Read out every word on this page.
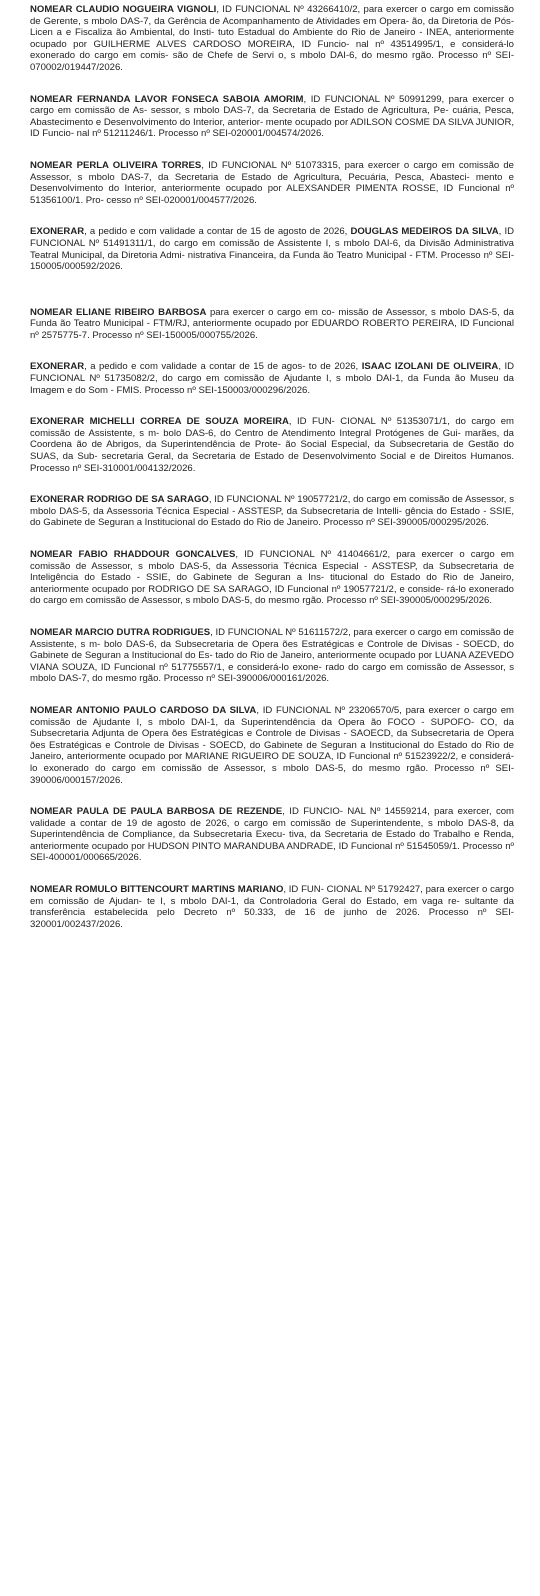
NOMEAR CLAUDIO NOGUEIRA VIGNOLI, ID FUNCIONAL Nº 43266410/2, para exercer o cargo em comissão de Gerente, s mbolo DAS-7, da Gerência de Acompanhamento de Atividades em Opera- ão, da Diretoria de Pós-Licen a e Fiscaliza ão Ambiental, do Insti- tuto Estadual do Ambiente do Rio de Janeiro - INEA, anteriormente ocupado por GUILHERME ALVES CARDOSO MOREIRA, ID Funcio- nal nº 43514995/1, e considerá-lo exonerado do cargo em comis- são de Chefe de Servi o, s mbolo DAI-6, do mesmo rgão. Processo nº SEI-070002/019447/2026.

NOMEAR FERNANDA LAVOR FONSECA SABOIA AMORIM, ID FUNCIONAL Nº 50991299, para exercer o cargo em comissão de As- sessor, s mbolo DAS-7, da Secretaria de Estado de Agricultura, Pe- cuária, Pesca, Abastecimento e Desenvolvimento do Interior, anterior- mente ocupado por ADILSON COSME DA SILVA JUNIOR, ID Funcio- nal nº 51211246/1. Processo nº SEI-020001/004574/2026.

NOMEAR PERLA OLIVEIRA TORRES, ID FUNCIONAL Nº 51073315, para exercer o cargo em comissão de Assessor, s mbolo DAS-7, da Secretaria de Estado de Agricultura, Pecuária, Pesca, Abasteci- mento e Desenvolvimento do Interior, anteriormente ocupado por ALEXSANDER PIMENTA ROSSE, ID Funcional nº 51356100/1. Pro- cesso nº SEI-020001/004577/2026.

EXONERAR, a pedido e com validade a contar de 15 de agosto de 2026, DOUGLAS MEDEIROS DA SILVA, ID FUNCIONAL Nº 51491311/1, do cargo em comissão de Assistente I, s mbolo DAI-6, da Divisão Administrativa Teatral Municipal, da Diretoria Admi- nistrativa Financeira, da Funda ão Teatro Municipal - FTM. Processo nº SEI-150005/000592/2026.

NOMEAR ELIANE RIBEIRO BARBOSA para exercer o cargo em co- missão de Assessor, s mbolo DAS-5, da Funda ão Teatro Municipal - FTM/RJ, anteriormente ocupado por EDUARDO ROBERTO PEREIRA, ID Funcional nº 2575775-7. Processo nº SEI-150005/000755/2026.

EXONERAR, a pedido e com validade a contar de 15 de agos- to de 2026, ISAAC IZOLANI DE OLIVEIRA, ID FUNCIONAL Nº 51735082/2, do cargo em comissão de Ajudante I, s mbolo DAI-1, da Funda ão Museu da Imagem e do Som - FMIS. Processo nº SEI-150003/000296/2026.

EXONERAR MICHELLI CORREA DE SOUZA MOREIRA, ID FUN- CIONAL Nº 51353071/1, do cargo em comissão de Assistente, s m- bolo DAS-6, do Centro de Atendimento Integral Protógenes de Gui- marães, da Coordena ão de Abrigos, da Superintendência de Prote- ão Social Especial, da Subsecretaria de Gestão do SUAS, da Sub- secretaria Geral, da Secretaria de Estado de Desenvolvimento Social e de Direitos Humanos. Processo nº SEI-310001/004132/2026.

EXONERAR RODRIGO DE SA SARAGO, ID FUNCIONAL Nº 19057721/2, do cargo em comissão de Assessor, s mbolo DAS-5, da Assessoria Técnica Especial - ASSTESP, da Subsecretaria de Intelli- gência do Estado - SSIE, do Gabinete de Seguran a Institucional do Estado do Rio de Janeiro. Processo nº SEI-390005/000295/2026.

NOMEAR FABIO RHADDOUR GONCALVES, ID FUNCIONAL Nº 41404661/2, para exercer o cargo em comissão de Assessor, s mbolo DAS-5, da Assessoria Técnica Especial - ASSTESP, da Subsecretaria de Inteligência do Estado - SSIE, do Gabinete de Seguran a Ins- titucional do Estado do Rio de Janeiro, anteriormente ocupado por RODRIGO DE SA SARAGO, ID Funcional nº 19057721/2, e conside- rá-lo exonerado do cargo em comissão de Assessor, s mbolo DAS-5, do mesmo rgão. Processo nº SEI-390005/000295/2026.

NOMEAR MARCIO DUTRA RODRIGUES, ID FUNCIONAL Nº 51611572/2, para exercer o cargo em comissão de Assistente, s m- bolo DAS-6, da Subsecretaria de Opera ões Estratégicas e Controle de Divisas - SOECD, do Gabinete de Seguran a Institucional do Es- tado do Rio de Janeiro, anteriormente ocupado por LUANA AZEVEDO VIANA SOUZA, ID Funcional nº 51775557/1, e considerá-lo exone- rado do cargo em comissão de Assessor, s mbolo DAS-7, do mesmo rgão. Processo nº SEI-390006/000161/2026.

NOMEAR ANTONIO PAULO CARDOSO DA SILVA, ID FUNCIONAL Nº 23206570/5, para exercer o cargo em comissão de Ajudante I, s mbolo DAI-1, da Superintendência da Opera ão FOCO - SUPOFO- CO, da Subsecretaria Adjunta de Opera ões Estratégicas e Controle de Divisas - SAOECD, da Subsecretaria de Opera ões Estratégicas e Controle de Divisas - SOECD, do Gabinete de Seguran a Institucional do Estado do Rio de Janeiro, anteriormente ocupado por MARIANE RIGUEIRO DE SOUZA, ID Funcional nº 51523922/2, e considerá-lo exonerado do cargo em comissão de Assessor, s mbolo DAS-5, do mesmo rgão. Processo nº SEI-390006/000157/2026.

NOMEAR PAULA DE PAULA BARBOSA DE REZENDE, ID FUNCIO- NAL Nº 14559214, para exercer, com validade a contar de 19 de agosto de 2026, o cargo em comissão de Superintendente, s mbolo DAS-8, da Superintendência de Compliance, da Subsecretaria Execu- tiva, da Secretaria de Estado do Trabalho e Renda, anteriormente ocupado por HUDSON PINTO MARANDUBA ANDRADE, ID Funcional nº 51545059/1. Processo nº SEI-400001/000665/2026.

NOMEAR ROMULO BITTENCOURT MARTINS MARIANO, ID FUN- CIONAL Nº 51792427, para exercer o cargo em comissão de Ajudan- te I, s mbolo DAI-1, da Controladoria Geral do Estado, em vaga re- sultante da transferência estabelecida pelo Decreto nº 50.333, de 16 de junho de 2026. Processo nº SEI-320001/002437/2026.
